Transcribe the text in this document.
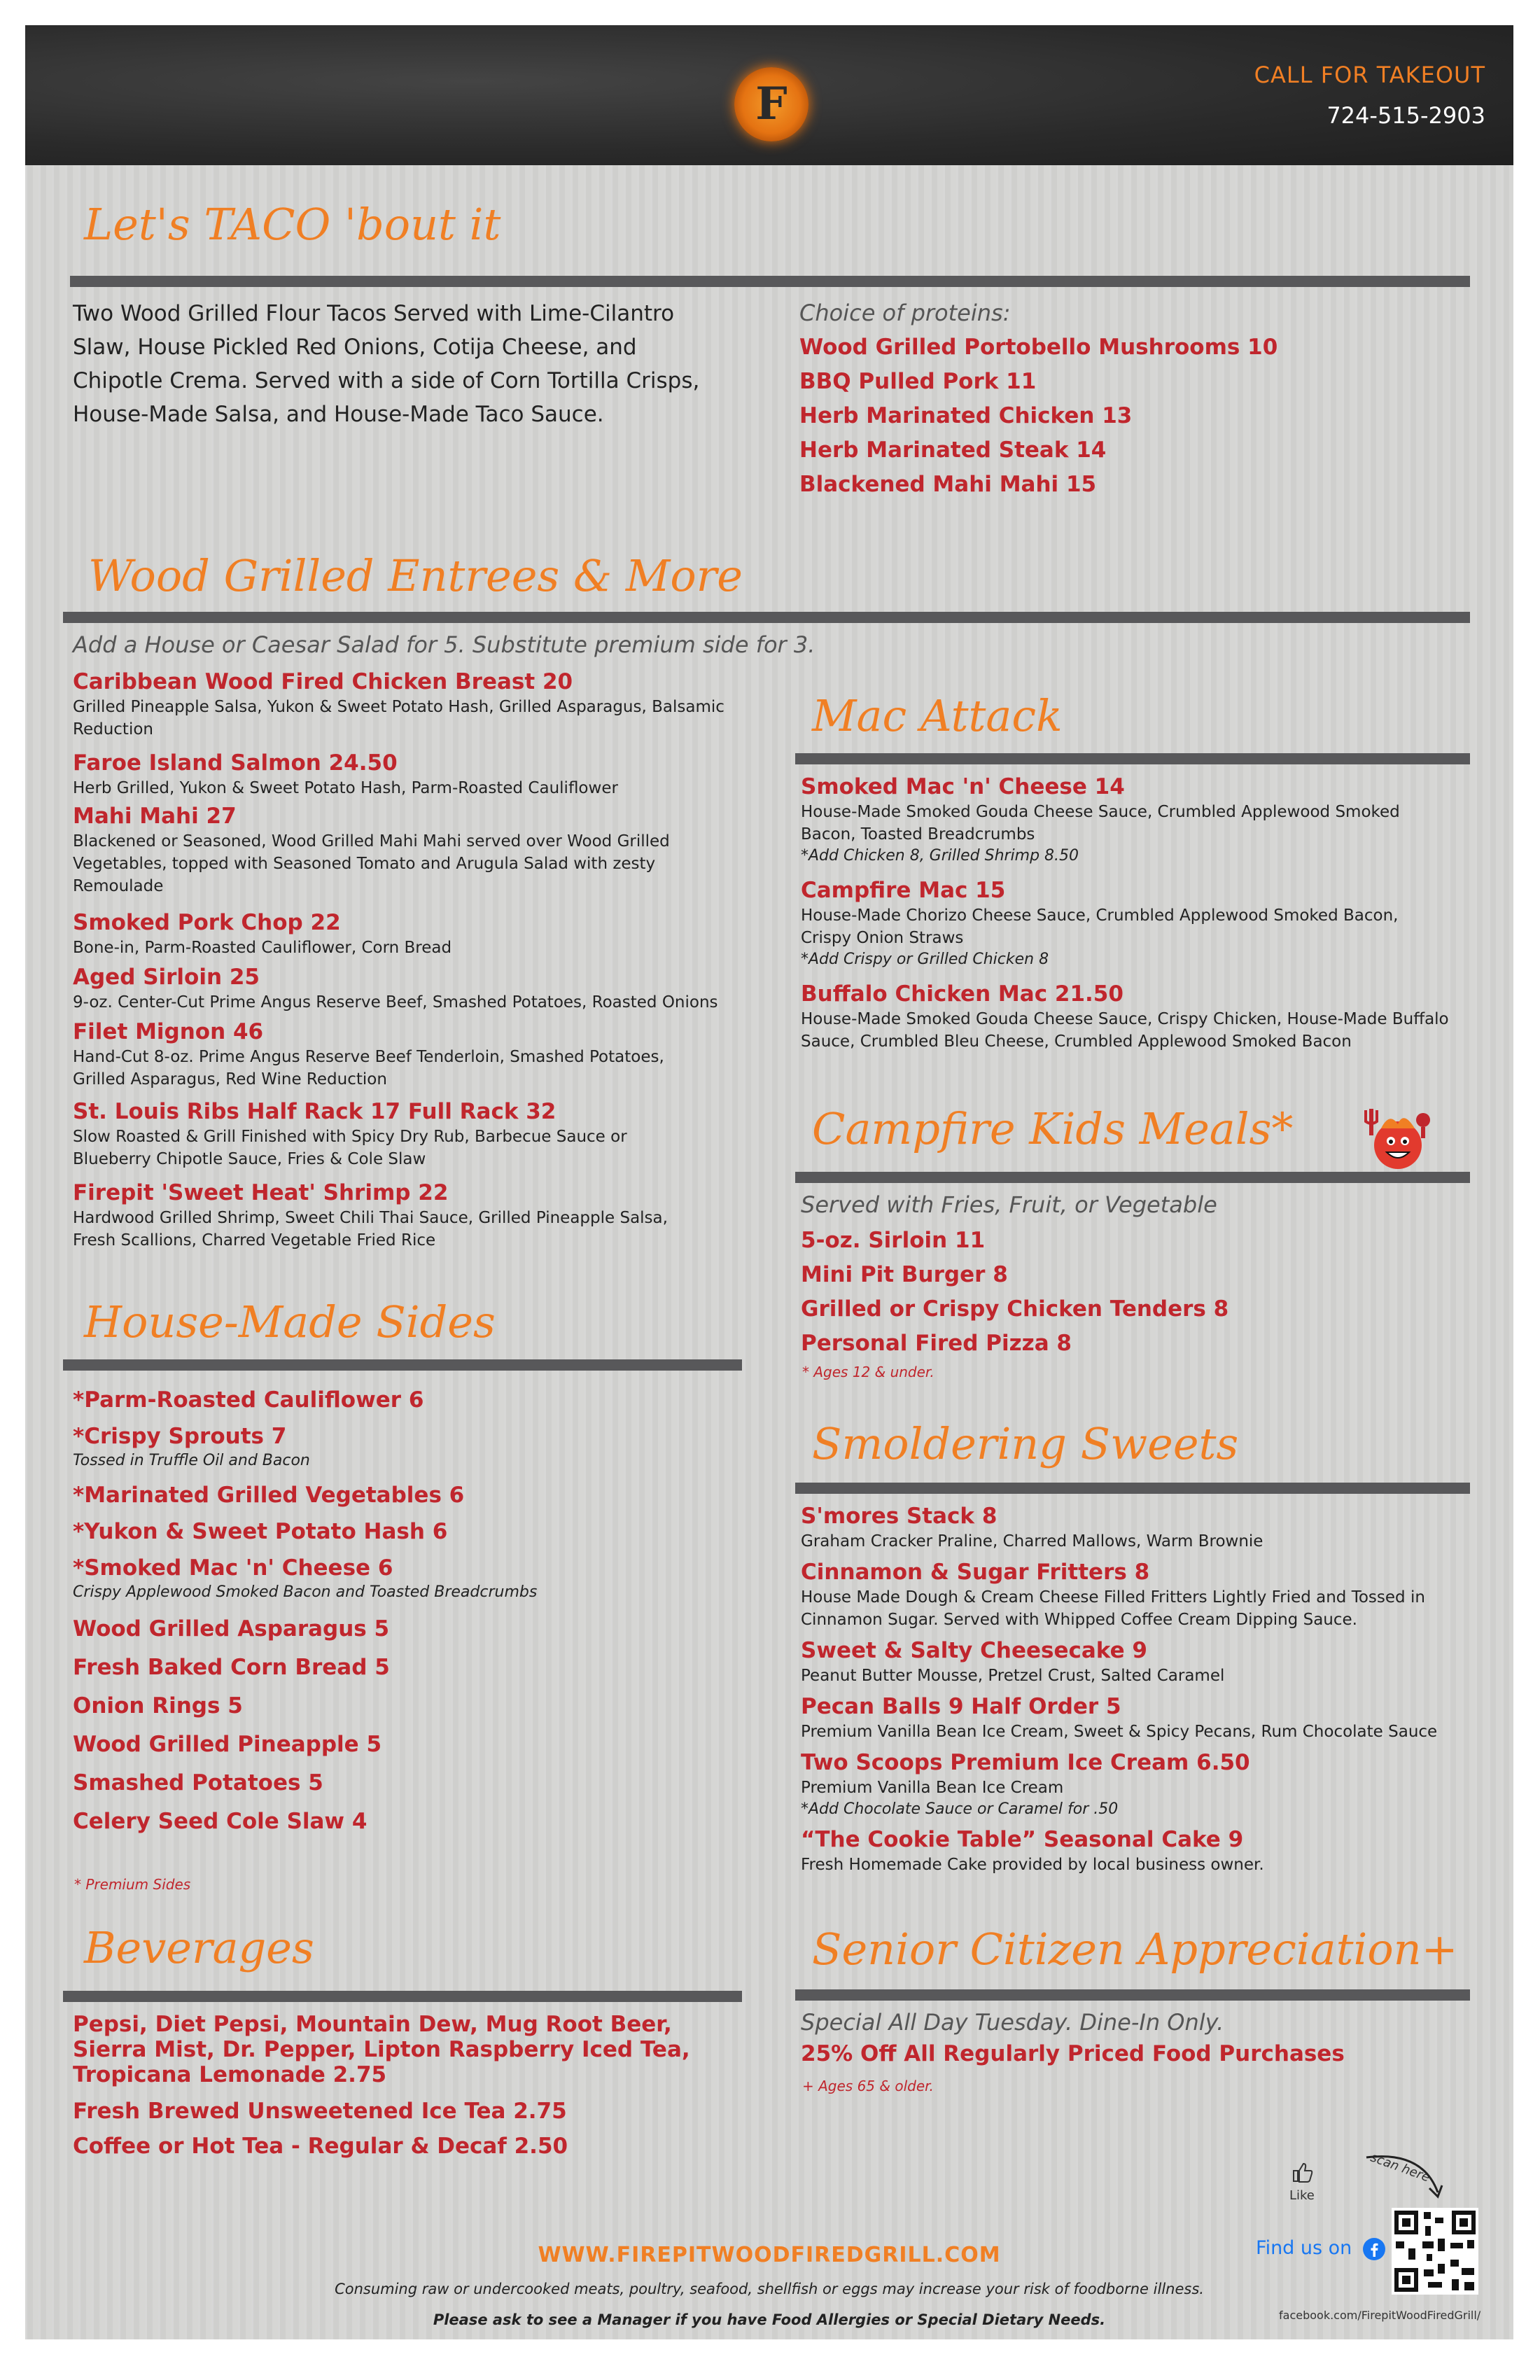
F
CALL FOR TAKEOUT
724-515-2903
Let's TACO 'bout it
Two Wood Grilled Flour Tacos Served with Lime-Cilantro Slaw, House Pickled Red Onions, Cotija Cheese, and Chipotle Crema. Served with a side of Corn Tortilla Crisps, House-Made Salsa, and House-Made Taco Sauce.
Choice of proteins:
Wood Grilled Portobello Mushrooms 10
BBQ Pulled Pork 11
Herb Marinated Chicken 13
Herb Marinated Steak 14
Blackened Mahi Mahi 15
Wood Grilled Entrees & More
Add a House or Caesar Salad for 5. Substitute premium side for 3.
Caribbean Wood Fired Chicken Breast 20
Grilled Pineapple Salsa, Yukon & Sweet Potato Hash, Grilled Asparagus, Balsamic Reduction
Faroe Island Salmon 24.50
Herb Grilled, Yukon & Sweet Potato Hash, Parm-Roasted Cauliflower
Mahi Mahi 27
Blackened or Seasoned, Wood Grilled Mahi Mahi served over Wood Grilled Vegetables, topped with Seasoned Tomato and Arugula Salad with zesty Remoulade
Smoked Pork Chop 22
Bone-in, Parm-Roasted Cauliflower, Corn Bread
Aged Sirloin 25
9-oz. Center-Cut Prime Angus Reserve Beef, Smashed Potatoes, Roasted Onions
Filet Mignon 46
Hand-Cut 8-oz. Prime Angus Reserve Beef Tenderloin, Smashed Potatoes, Grilled Asparagus, Red Wine Reduction
St. Louis Ribs Half Rack 17 Full Rack 32
Slow Roasted & Grill Finished with Spicy Dry Rub, Barbecue Sauce or Blueberry Chipotle Sauce, Fries & Cole Slaw
Firepit 'Sweet Heat' Shrimp 22
Hardwood Grilled Shrimp, Sweet Chili Thai Sauce, Grilled Pineapple Salsa, Fresh Scallions, Charred Vegetable Fried Rice
House-Made Sides
*Parm-Roasted Cauliflower 6
*Crispy Sprouts 7
Tossed in Truffle Oil and Bacon
*Marinated Grilled Vegetables 6
*Yukon & Sweet Potato Hash 6
*Smoked Mac 'n' Cheese 6
Crispy Applewood Smoked Bacon and Toasted Breadcrumbs
Wood Grilled Asparagus 5
Fresh Baked Corn Bread 5
Onion Rings 5
Wood Grilled Pineapple 5
Smashed Potatoes 5
Celery Seed Cole Slaw 4
* Premium Sides
Beverages
Pepsi, Diet Pepsi, Mountain Dew, Mug Root Beer, Sierra Mist, Dr. Pepper, Lipton Raspberry Iced Tea, Tropicana Lemonade 2.75
Fresh Brewed Unsweetened Ice Tea 2.75
Coffee or Hot Tea - Regular & Decaf 2.50
Mac Attack
Smoked Mac 'n' Cheese 14
House-Made Smoked Gouda Cheese Sauce, Crumbled Applewood Smoked Bacon, Toasted Breadcrumbs
*Add Chicken 8, Grilled Shrimp 8.50
Campfire Mac 15
House-Made Chorizo Cheese Sauce, Crumbled Applewood Smoked Bacon, Crispy Onion Straws
*Add Crispy or Grilled Chicken 8
Buffalo Chicken Mac 21.50
House-Made Smoked Gouda Cheese Sauce, Crispy Chicken, House-Made Buffalo Sauce, Crumbled Bleu Cheese, Crumbled Applewood Smoked Bacon
Campfire Kids Meals*
Served with Fries, Fruit, or Vegetable
5-oz. Sirloin 11
Mini Pit Burger 8
Grilled or Crispy Chicken Tenders 8
Personal Fired Pizza 8
* Ages 12 & under.
Smoldering Sweets
S'mores Stack 8
Graham Cracker Praline, Charred Mallows, Warm Brownie
Cinnamon & Sugar Fritters 8
House Made Dough & Cream Cheese Filled Fritters Lightly Fried and Tossed in Cinnamon Sugar. Served with Whipped Coffee Cream Dipping Sauce.
Sweet & Salty Cheesecake 9
Peanut Butter Mousse, Pretzel Crust, Salted Caramel
Pecan Balls 9 Half Order 5
Premium Vanilla Bean Ice Cream, Sweet & Spicy Pecans, Rum Chocolate Sauce
Two Scoops Premium Ice Cream 6.50
Premium Vanilla Bean Ice Cream
*Add Chocolate Sauce or Caramel for .50
“The Cookie Table” Seasonal Cake 9
Fresh Homemade Cake provided by local business owner.
Senior Citizen Appreciation+
Special All Day Tuesday. Dine-In Only.
25% Off All Regularly Priced Food Purchases
+ Ages 65 & older.
Like
scan here
Find us on
facebook.com/FirepitWoodFiredGrill/
WWW.FIREPITWOODFIREDGRILL.COM
Consuming raw or undercooked meats, poultry, seafood, shellfish or eggs may increase your risk of foodborne illness.
Please ask to see a Manager if you have Food Allergies or Special Dietary Needs.
